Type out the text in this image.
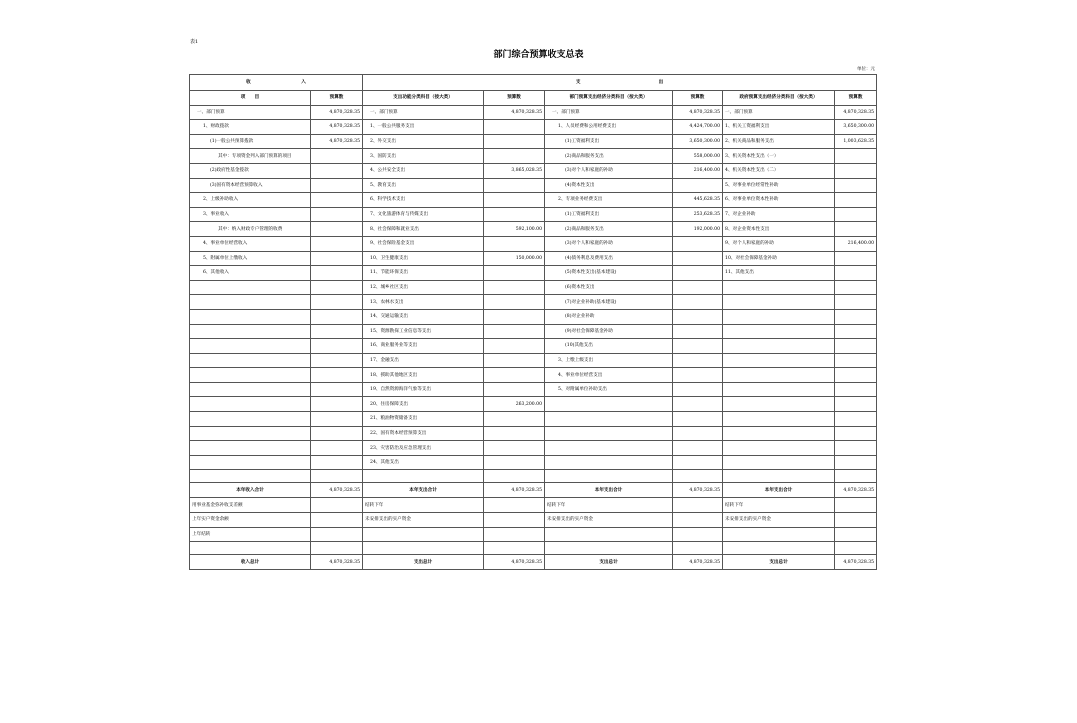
表1
部门综合预算收支总表
单位：元
收　　　　　　　　　　　入		支　　　　　　　　　　　　　　　　　出					
项　　目	预算数	支出功能分类科目（按大类）	预算数	部门预算支出经济分类科目（按大类）	预算数	政府预算支出经济分类科目（按大类）	预算数
一、部门预算	4,870,328.35	一、部门预算	4,870,328.35	一、部门预算	4,870,328.35	一、部门预算	4,870,328.35
1、财政拨款	4,870,328.35	1、一般公共服务支出		1、人员经费和公用经费支出	4,424,700.00	1、机关工资福利支出	3,650,300.00
(1)一般公共预算拨款	4,870,328.35	2、外交支出		(1)工资福利支出	3,650,300.00	2、机关商品和服务支出	1,003,628.35
其中：专项资金列入部门预算的项目		3、国防支出		(2)商品和服务支出	558,000.00	3、机关资本性支出（一）	
(2)政府性基金拨款		4、公共安全支出	3,865,028.35	(3)对个人和家庭的补助	216,400.00	4、机关资本性支出（二）	
(3)国有资本经营预算收入		5、教育支出		(4)资本性支出		5、对事业单位经常性补助	
2、上级补助收入		6、科学技术支出		2、专项业务经费支出	445,628.35	6、对事业单位资本性补助	
3、事业收入		7、文化旅游体育与传媒支出		(1)工资福利支出	253,628.35	7、对企业补助	
其中：纳入财政专户管理的收费		8、社会保障和就业支出	592,100.00	(2)商品和服务支出	192,000.00	8、对企业资本性支出	
4、事业单位经营收入		9、社会保险基金支出		(3)对个人和家庭的补助		9、对个人和家庭的补助	216,400.00
5、附属单位上缴收入		10、卫生健康支出	150,000.00	(4)债务利息及费用支出		10、对社会保障基金补助	
6、其他收入		11、节能环保支出		(5)资本性支出(基本建设)		11、其他支出	
		12、城乡社区支出		(6)资本性支出			
		13、农林水支出		(7)对企业补助(基本建设)			
		14、交通运输支出		(8)对企业补助			
		15、资源勘探工业信息等支出		(9)对社会保障基金补助			
		16、商业服务业等支出		(10)其他支出			
		17、金融支出		3、上缴上级支出			
		18、援助其他地区支出		4、事业单位经营支出			
		19、自然资源海洋气象等支出		5、对附属单位补助支出			
		20、住房保障支出	263,200.00				
		21、粮油物资储备支出					
		22、国有资本经营预算支出					
		23、灾害防治及应急管理支出					
		24、其他支出					

本年收入合计	4,870,328.35	本年支出合计	4,870,328.35	本年支出合计	4,870,328.35	本年支出合计	4,870,328.35
用事业基金弥补收支差额		结转下年		结转下年		结转下年	
上年实户资金余额		未安排支出的实户资金		未安排支出的实户资金		未安排支出的实户资金	
上年结转							

收入总计	4,870,328.35	支出总计	4,870,328.35	支出总计	4,870,328.35	支出总计	4,870,328.35
